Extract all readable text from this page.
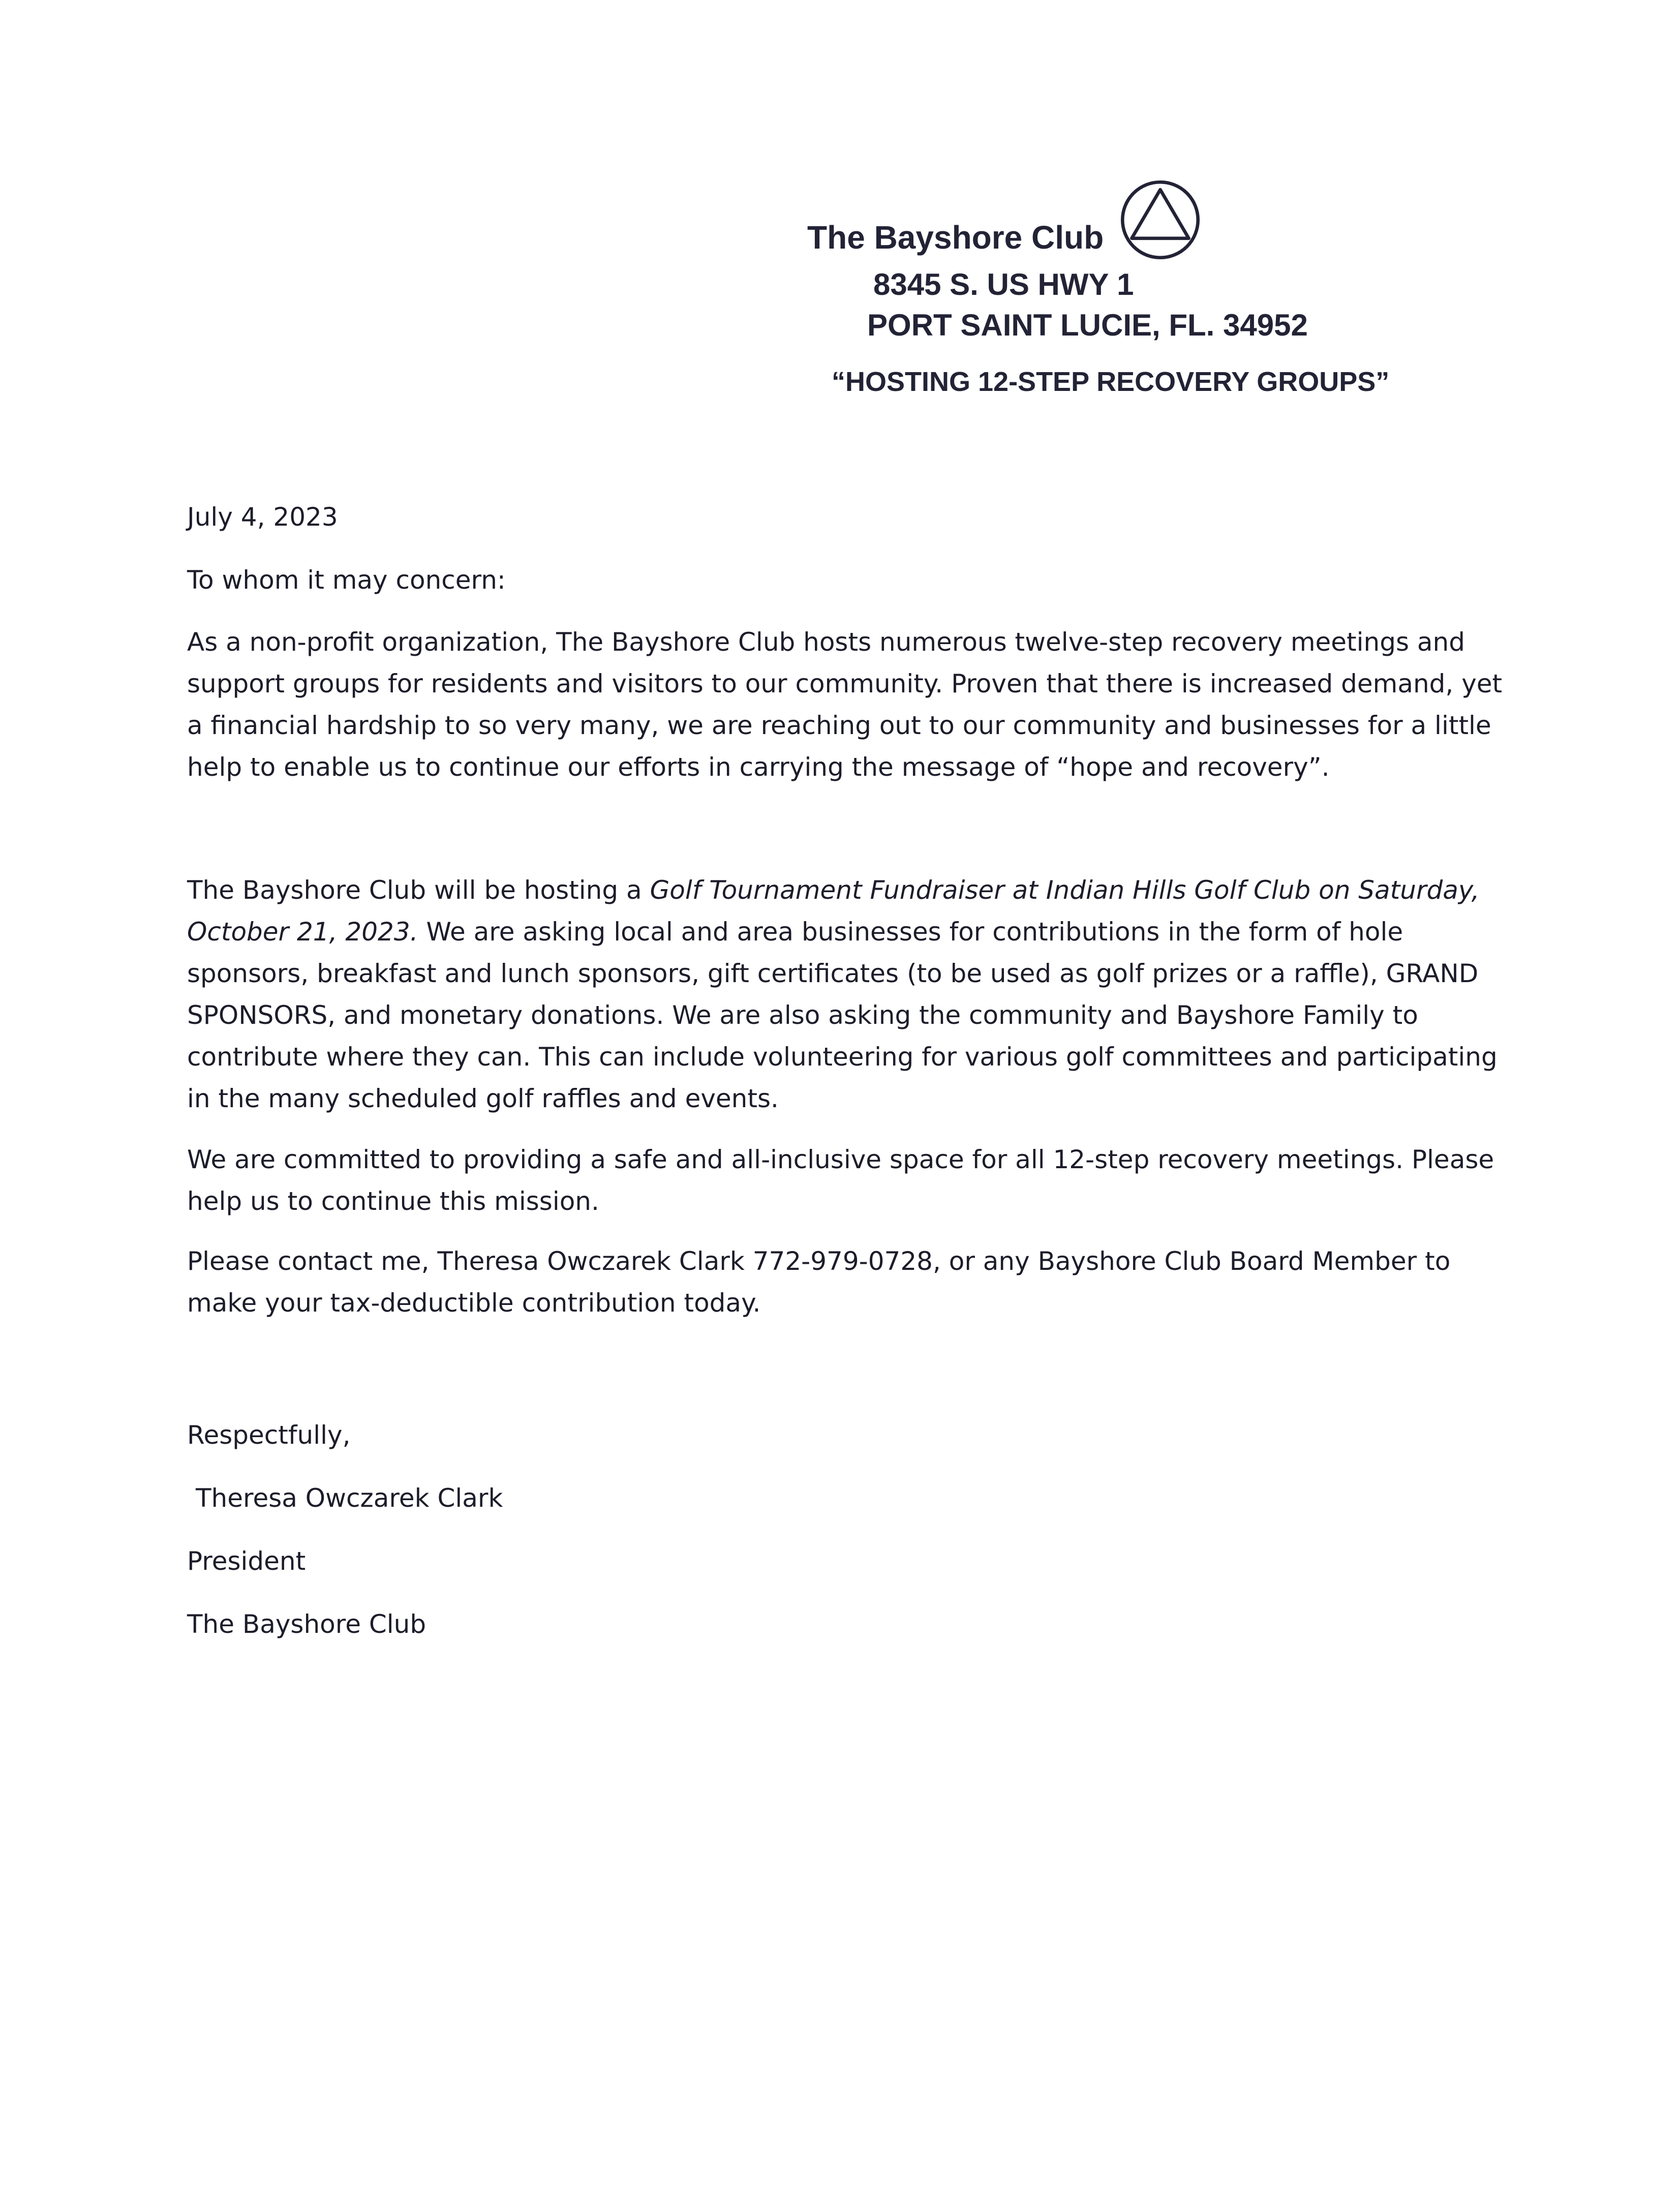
The Bayshore Club
8345 S. US HWY 1
PORT SAINT LUCIE, FL. 34952
“HOSTING 12-STEP RECOVERY GROUPS”

July 4, 2023

To whom it may concern:

As a non-profit organization, The Bayshore Club hosts numerous twelve-step recovery meetings and support groups for residents and visitors to our community. Proven that there is increased demand, yet a financial hardship to so very many, we are reaching out to our community and businesses for a little help to enable us to continue our efforts in carrying the message of “hope and recovery”.

The Bayshore Club will be hosting a Golf Tournament Fundraiser at Indian Hills Golf Club on Saturday, October 21, 2023. We are asking local and area businesses for contributions in the form of hole sponsors, breakfast and lunch sponsors, gift certificates (to be used as golf prizes or a raffle), GRAND SPONSORS, and monetary donations. We are also asking the community and Bayshore Family to contribute where they can. This can include volunteering for various golf committees and participating in the many scheduled golf raffles and events.

We are committed to providing a safe and all-inclusive space for all 12-step recovery meetings. Please help us to continue this mission.

Please contact me, Theresa Owczarek Clark 772-979-0728, or any Bayshore Club Board Member to make your tax-deductible contribution today.

Respectfully,

Theresa Owczarek Clark

President

The Bayshore Club
